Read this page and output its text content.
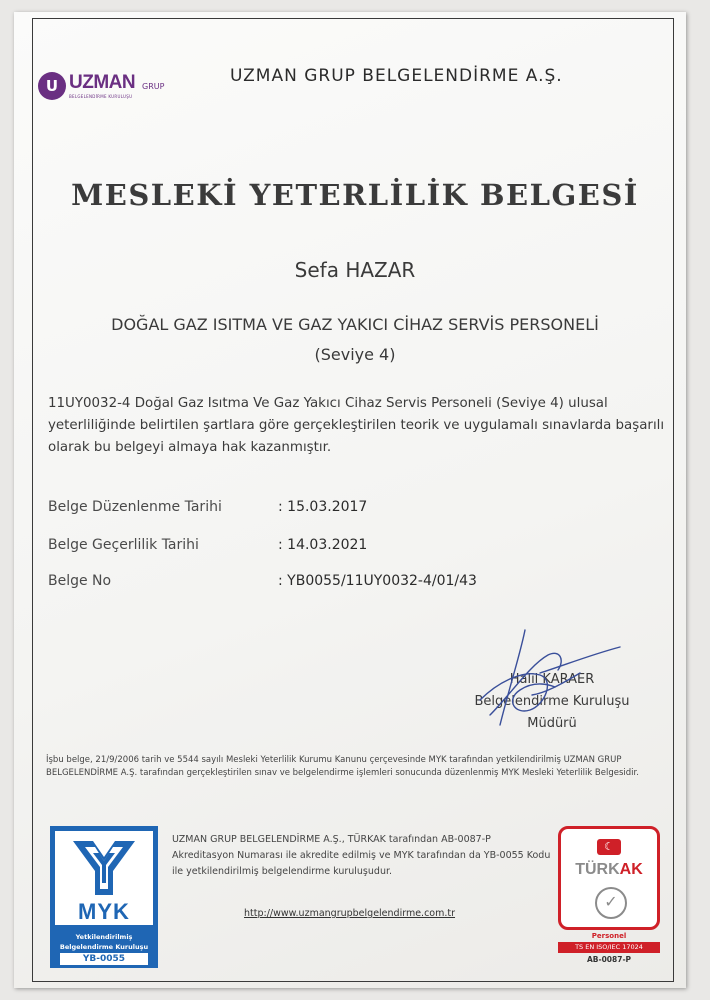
U UZMAN GRUP
BELGELENDİRME KURULUŞU
UZMAN GRUP BELGELENDİRME A.Ş.
MESLEKİ YETERLİLİK BELGESİ
Sefa HAZAR
DOĞAL GAZ ISITMA VE GAZ YAKICI CİHAZ SERVİS PERSONELİ
(Seviye 4)
11UY0032-4 Doğal Gaz Isıtma Ve Gaz Yakıcı Cihaz Servis Personeli (Seviye 4) ulusal yeterliliğinde belirtilen şartlara göre gerçekleştirilen teorik ve uygulamalı sınavlarda başarılı olarak bu belgeyi almaya hak kazanmıştır.
Belge Düzenlenme Tarihi	: 15.03.2017
Belge Geçerlilik Tarihi	: 14.03.2021
Belge No	: YB0055/11UY0032-4/01/43
Halil KARAER
Belgelendirme Kuruluşu
Müdürü
İşbu belge, 21/9/2006 tarih ve 5544 sayılı Mesleki Yeterlilik Kurumu Kanunu çerçevesinde MYK tarafından yetkilendirilmiş UZMAN GRUP BELGELENDİRME A.Ş. tarafından gerçekleştirilen sınav ve belgelendirme işlemleri sonucunda düzenlenmiş MYK Mesleki Yeterlilik Belgesidir.
MYK
Yetkilendirilmiş
Belgelendirme Kuruluşu
YB-0055
UZMAN GRUP BELGELENDİRME A.Ş., TÜRKAK tarafından AB-0087-P Akreditasyon Numarası ile akredite edilmiş ve MYK tarafından da YB-0055 Kodu ile yetkilendirilmiş belgelendirme kuruluşudur.
http://www.uzmangrupbelgelendirme.com.tr
☾
TÜRKAK
✓
Personel
TS EN ISO/IEC 17024
AB-0087-P
